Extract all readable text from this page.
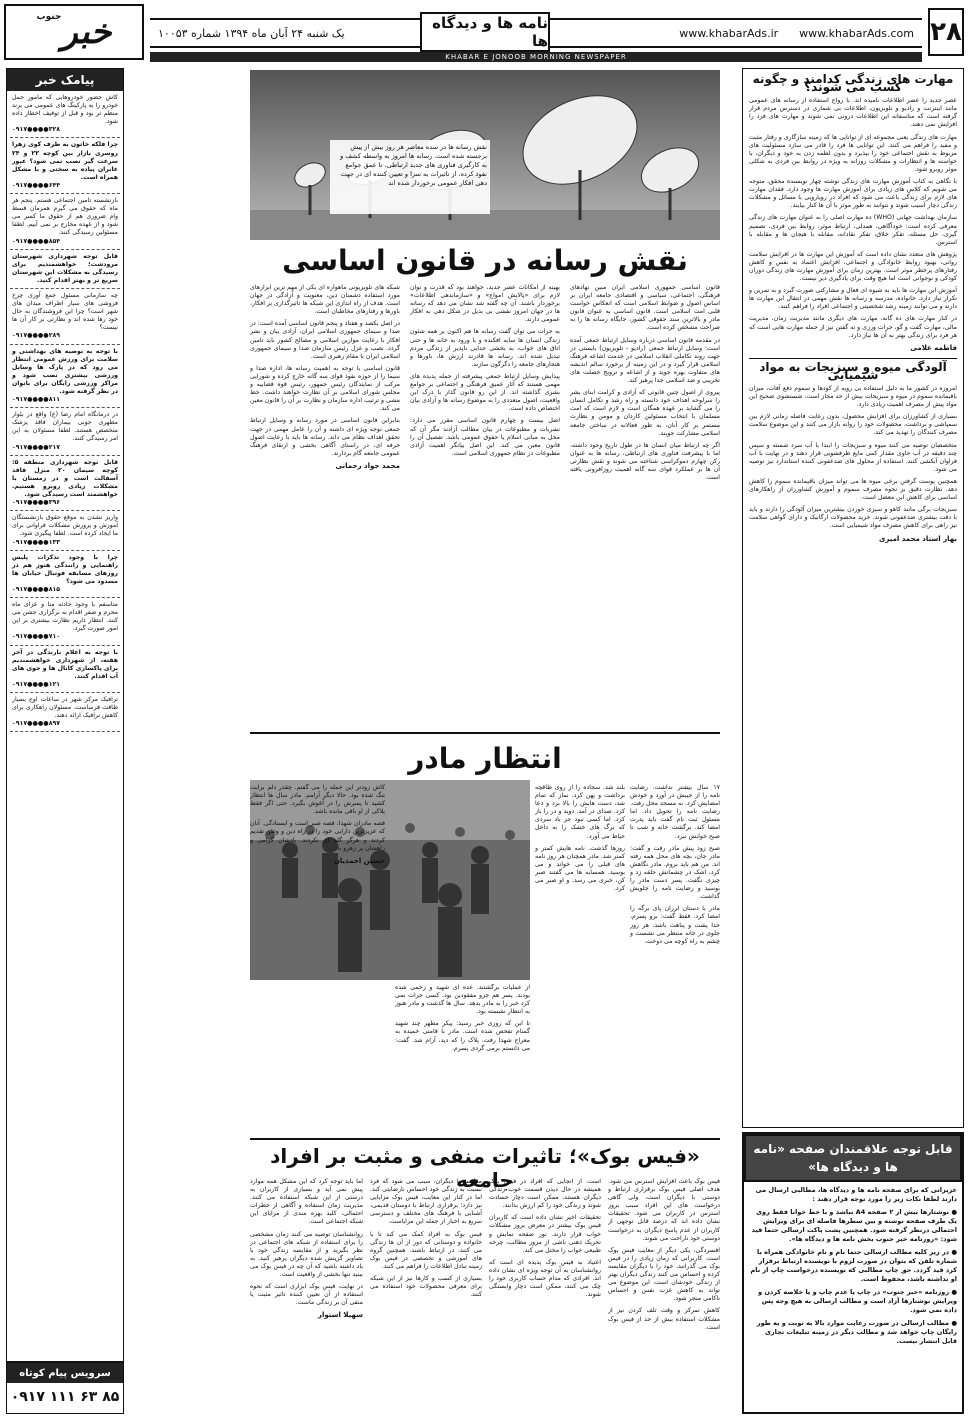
۲۸
یک شنبه ۲۴ آبان ماه ۱۳۹۴ شماره ۱۰۰۵۳	www.khabarAds.ir www.khabarAds.com
نامه ها و دیدگاه ها
خبر
جنوب
KHABAR E JONOOB MORNING NEWSPAPER
مهارت های زندگی کدامند و چگونه کسب می شوند؟

عصر جدید را عصر اطلاعات نامیده اند. با رواج استفاده از رسانه های عمومی مانند اینترنت و رادیو و تلویزیون، اطلاعات بی شماری در دسترس مردم قرار گرفته است که متاسفانه این اطلاعات درونی نمی شوند و مهارت های فرد را افزایش نمی دهند.

مهارت های زندگی یعنی مجموعه ای از توانایی ها که زمینه سازگاری و رفتار مثبت و مفید را فراهم می کنند. این توانایی ها فرد را قادر می سازد مسئولیت های مربوط به نقش اجتماعی خود را بپذیرد و بدون لطمه زدن به خود و دیگران، با خواسته ها و انتظارات و مشکلات روزانه به ویژه در روابط بین فردی به شکلی موثر روبرو شود.

با نگاهی به کتاب آموزش مهارت های زندگی نوشته چهار نویسنده محقق، متوجه می شویم که کلاس های زیادی برای آموزش مهارت ها وجود دارد. فقدان مهارت های لازم برای زندگی باعث می شود که افراد در رویارویی با مسائل و مشکلات زندگی دچار آسیب شوند و نتوانند به طور موثر با آن ها کنار بیایند.

سازمان بهداشت جهانی (WHO) ده مهارت اصلی را به عنوان مهارت های زندگی معرفی کرده است: خودآگاهی، همدلی، ارتباط موثر، روابط بین فردی، تصمیم گیری، حل مسئله، تفکر خلاق، تفکر نقادانه، مقابله با هیجان ها و مقابله با استرس.

پژوهش های متعدد نشان داده است که آموزش این مهارت ها در افزایش سلامت روانی، بهبود روابط خانوادگی و اجتماعی، افزایش اعتماد به نفس و کاهش رفتارهای پرخطر موثر است. بهترین زمان برای آموزش مهارت های زندگی دوران کودکی و نوجوانی است اما هیچ وقت برای یادگیری دیر نیست.

آموزش این مهارت ها باید به شیوه ای فعال و مشارکتی صورت گیرد و به تمرین و تکرار نیاز دارد. خانواده، مدرسه و رسانه ها نقش مهمی در انتقال این مهارت ها دارند و می توانند زمینه رشد شخصیتی و اجتماعی افراد را فراهم کنند.

در کنار مهارت های ده گانه، مهارت های دیگری مانند مدیریت زمان، مدیریت مالی، مهارت گفت و گو، جرات ورزی و نه گفتن نیز از جمله مهارت هایی است که هر فرد برای زندگی بهتر به آن ها نیاز دارد.

فاطمه غلامی
آلودگی میوه و سبزیجات به مواد شیمیایی

امروزه در کشور ما به دلیل استفاده بی رویه از کودها و سموم دفع آفات، میزان باقیمانده سموم در میوه و سبزیجات بیش از حد مجاز است. شستشوی صحیح این مواد پیش از مصرف اهمیت زیادی دارد.

بسیاری از کشاورزان برای افزایش محصول، بدون رعایت فاصله زمانی لازم بین سمپاشی و برداشت، محصولات خود را روانه بازار می کنند و این موضوع سلامت مصرف کنندگان را تهدید می کند.

متخصصان توصیه می کنند میوه و سبزیجات را ابتدا با آب سرد شسته و سپس چند دقیقه در آب حاوی مقدار کمی مایع ظرفشویی قرار دهند و در نهایت با آب فراوان آبکشی کنند. استفاده از محلول های ضدعفونی کننده استاندارد نیز توصیه می شود.

همچنین پوست گرفتن برخی میوه ها می تواند میزان باقیمانده سموم را کاهش دهد. نظارت دقیق بر نحوه مصرف سموم و آموزش کشاورزان از راهکارهای اساسی برای کاهش این معضل است.

سبزیجات برگی مانند کاهو و سبزی خوردن بیشترین میزان آلودگی را دارند و باید با دقت بیشتری ضدعفونی شوند. خرید محصولات ارگانیک و دارای گواهی سلامت نیز راهی برای کاهش مصرف مواد شیمیایی است.

بهار استاد محمد امیری
قابل توجه علاقمندان صفحه «نامه ها و دیدگاه ها»

عزیزانی که برای صفحه نامه ها و دیدگاه ها، مطالبی ارسال می دارند لطفا نکات زیر را مورد توجه قرار دهند :

● نوشتارها بیش از ۲ صفحه A4 نباشد و با خط خوانا فقط روی یک طرف صفحه نوشته و بین سطرها فاصله ای برای ویرایش احتمالی درنظر گرفته شود. همچنین پشت پاکت ارسالی حتما قید شود: «روزنامه خبر جنوب بخش نامه ها و دیدگاه ها».

● در زیر کلیه مطالب ارسالی حتما نام و نام خانوادگی همراه با شماره تلفن که بتوان در صورت لزوم با نویسنده ارتباط برقرار کرد قید گردد. حق چاپ مطالبی که نویسنده درخواست چاپ از نام او نداشته باشد، محفوظ است.

● روزنامه «خبر جنوب» در چاپ یا عدم چاپ و یا خلاصه کردن و ویرایش نوشتارها آزاد است و مطالب ارسالی به هیچ وجه پس داده نمی شود.

● مطالب ارسالی در صورت رعایت موارد بالا به نوبت و به طور رایگان چاپ خواهد شد و مطالب دیگر در زمینه تبلیغات تجاری قابل انتشار نیست.

نقش رسانه ها در سده معاصر هر روز بیش از پیش برجسته شده است. رسانه ها امروز به واسطه کشف و به کارگیری فناوری های جدید ارتباطی، تا عمق جوامع نفوذ کرده، از تاثیرات به سزا و تعیین کننده ای در جهت دهی افکار عمومی برخوردار شده اند
نقش رسانه در قانون اساسی

قانون اساسی جمهوری اسلامی ایران مبین نهادهای فرهنگی، اجتماعی، سیاسی و اقتصادی جامعه ایران بر اساس اصول و ضوابط اسلامی است که انعکاس خواست قلبی امت اسلامی است. قانون اساسی به عنوان قانون مادر و بالاترین سند حقوقی کشور، جایگاه رسانه ها را به صراحت مشخص کرده است.

در مقدمه قانون اساسی درباره وسایل ارتباط جمعی آمده است: وسایل ارتباط جمعی (رادیو - تلویزیون) بایستی در جهت روند تکاملی انقلاب اسلامی در خدمت اشاعه فرهنگ اسلامی قرار گیرد و در این زمینه از برخورد سالم اندیشه های متفاوت بهره جوید و از اشاعه و ترویج خصلت های تخریبی و ضد اسلامی جدا پرهیز کند.

پیروی از اصول چنین قانونی که آزادی و کرامت ابنای بشر را سرلوحه اهداف خود دانسته و راه رشد و تکامل انسان را می گشاید بر عهده همگان است و لازم است که امت مسلمان با انتخاب مسئولین کاردان و مومن و نظارت مستمر بر کار آنان، به طور فعالانه در ساختن جامعه اسلامی مشارکت جویند.

اگر چه ارتباط میان انسان ها در طول تاریخ وجود داشته، اما با پیشرفت فناوری های ارتباطی، رسانه ها به عنوان رکن چهارم دموکراسی شناخته می شوند و نقش نظارتی آن ها بر عملکرد قوای سه گانه اهمیت روزافزونی یافته است.

بهینه از امکانات عصر جدید، خواهند بود که قدرت و توان لازم برای «پالایش امواج» و «سازماندهی اطلاعات» برخوردار باشند. آن چه گفته شد نشان می دهد که رسانه ها در جهان امروز نقشی بی بدیل در شکل دهی به افکار عمومی دارند.

به جرات می توان گفت رسانه ها هم اکنون بر همه شئون زندگی انسان ها سایه افکنده و با ورود به خانه ها و حتی اتاق های خواب، به بخشی جدایی ناپذیر از زندگی مردم تبدیل شده اند. رسانه ها قادرند ارزش ها، باورها و هنجارهای جامعه را دگرگون سازند.

پیدایش وسایل ارتباط جمعی پیشرفته از جمله پدیده های مهمی هستند که آثار عمیق فرهنگی و اجتماعی بر جوامع بشری گذاشته اند. از این رو قانون گذار با درک این واقعیت، اصول متعددی را به موضوع رسانه ها و آزادی بیان اختصاص داده است.

اصل بیست و چهارم قانون اساسی مقرر می دارد: نشریات و مطبوعات در بیان مطالب آزادند مگر آن که مخل به مبانی اسلام یا حقوق عمومی باشد. تفصیل آن را قانون معین می کند. این اصل بیانگر اهمیت آزادی مطبوعات در نظام جمهوری اسلامی است.

شبکه های تلویزیونی ماهواره ای یکی از مهم ترین ابزارهای مورد استفاده دشمنان دین، معنویت و آزادگی در جهان است. هدف از راه اندازی این شبکه ها تاثیرگذاری بر افکار، باورها و رفتارهای مخاطبان است.

در اصل یکصد و هفتاد و پنجم قانون اساسی آمده است: در صدا و سیمای جمهوری اسلامی ایران، آزادی بیان و نشر افکار با رعایت موازین اسلامی و مصالح کشور باید تامین گردد. نصب و عزل رئیس سازمان صدا و سیمای جمهوری اسلامی ایران با مقام رهبری است.

قانون اساسی با توجه به اهمیت رسانه ها، اداره صدا و سیما را از حوزه نفوذ قوای سه گانه خارج کرده و شورایی مرکب از نمایندگان رئیس جمهور، رئیس قوه قضاییه و مجلس شورای اسلامی بر آن نظارت خواهند داشت. خط مشی و ترتیب اداره سازمان و نظارت بر آن را قانون معین می کند.

بنابراین قانون اساسی در مورد رسانه و وسایل ارتباط جمعی توجه ویژه ای داشته و آن را عامل مهمی در جهت تحقق اهداف نظام می داند. رسانه ها باید با رعایت اصول حرفه ای، در راستای آگاهی بخشی و ارتقای فرهنگ عمومی جامعه گام بردارند.

محمد جواد رحمانی
انتظار مادر

۱۷ سال بیشتر نداشت. رضایت نامه را از جیبش در آورد و خودش امضایش کرد. به مسجد محل رفت. رضایت نامه را تحویل داد. اما مسئول ثبت نام گفت باید پدرت امضا کند. برگشت خانه و شب تا صبح خوابش نبرد.

صبح زود پیش مادر رفت و گفت: مادر جان، بچه های محل همه رفته اند. من هم باید بروم. مادر نگاهش کرد، اشک در چشمانش حلقه زد و چیزی نگفت. پسر دست مادر را بوسید و رضایت نامه را جلویش گذاشت.

مادر با دستان لرزان پای برگه را امضا کرد. فقط گفت: برو پسرم، خدا پشت و پناهت باشد. هر روز جلوی در خانه منتظر می نشست و چشم به راه کوچه می دوخت.

بلند شد. سجاده را از روی طاقچه برداشت و پهن کرد. نماز که تمام شد، دست هایش را بالا برد و دعا کرد. صدای در آمد. دوید و در را باز کرد. اما کسی نبود جز باد سردی که برگ های خشک را به داخل حیاط می آورد.

روزها گذشت. نامه هایش کمتر و کمتر شد. مادر همچنان هر روز نامه های قبلی را می خواند و می بوسید. همسایه ها می گفتند صبر کن، خبری می رسد. و او صبر می کرد.

از عملیات برگشتند. عده ای شهید و زخمی شده بودند. پسر هم جزو مفقودین بود. کسی جرات نمی کرد خبر را به مادر بدهد. سال ها گذشت و مادر هنوز به انتظار نشسته بود.

تا این که روزی خبر رسید: پیکر مطهر چند شهید گمنام تفحص شده است. مادر با قامتی خمیده به معراج شهدا رفت. پلاک را که دید، آرام شد. گفت: می دانستم برمی گردی پسرم.

کاش زودتر این جمله را می گفتم. چقدر دلم برایت تنگ شده بود. حالا دیگر آرامم. مادر سال ها انتظار کشید تا پسرش را در آغوش بگیرد. حتی اگر فقط پلاکی از او باقی مانده باشد.

قصه مادران شهدا، قصه صبر است و ایستادگی. آنان که عزیزترین دارایی خود را در راه دین و وطن تقدیم کردند و هرگز گله ای نکردند. یادشان گرامی و راهشان پر رهرو باد.

حسین احمدیان
«فیس بوک»؛ تاثیرات منفی و مثبت بر افراد جامعه	فیس بوک باعث افزایش استرس می شود. هدف اصلی فیس بوک برقراری ارتباط و دوستی با دیگران است، ولی گاهی درخواست های این افراد سبب بروز استرس در کاربران می شود. تحقیقات نشان داده اند که درصد قابل توجهی از کاربران از عدم پاسخ دیگران به درخواست دوستی خود ناراحت می شوند.

افسردگی، یکی دیگر از معایب فیس بوک است. کاربرانی که زمان زیادی را در فیس بوک می گذرانند، خود را با دیگران مقایسه کرده و احساس می کنند زندگی دیگران بهتر از زندگی خودشان است. این موضوع می تواند به کاهش عزت نفس و احساس ناکامی منجر شود.

کاهش تمرکز و وقت تلف کردن نیز از مشکلات استفاده بیش از حد از فیس بوک است.

است. از آنجایی که افراد در فیس بوک همیشه در حال دیدن قسمت خوب زندگی دیگران هستند، ممکن است دچار حسادت شوند و زندگی خود را کم ارزش بدانند.

تحقیقات اخیر نشان داده است که کاربران فیس بوک بیشتر در معرض بروز مشکلات خواب قرار دارند. نور صفحه نمایش و تحریک ذهنی ناشی از مرور مطالب، چرخه طبیعی خواب را مختل می کند.

اعتیاد به فیس بوک پدیده ای است که روانشناسان به آن توجه ویژه ای نشان داده اند. افرادی که مدام حساب کاربری خود را چک می کنند، ممکن است دچار وابستگی شوند.

مقایسه با دیگران، سبب می شود که فرد نسبت به زندگی خود احساس نارضایتی کند. اما در کنار این معایب، فیس بوک مزایایی نیز دارد؛ برقراری ارتباط با دوستان قدیمی، آشنایی با فرهنگ های مختلف و دسترسی سریع به اخبار از جمله این مزایاست.

فیس بوک به افراد کمک می کند تا با خانواده و دوستانی که دور از آن ها زندگی می کنند، در ارتباط باشند. همچنین گروه های آموزشی و تخصصی در فیس بوک زمینه تبادل اطلاعات را فراهم می کنند.

بسیاری از کسب و کارها نیز از این شبکه برای معرفی محصولات خود استفاده می کنند.

اما باید توجه کرد که این مشکل همه موارد پیش نمی آید و بسیاری از کاربران به درستی از این شبکه استفاده می کنند. مدیریت زمان استفاده و آگاهی از خطرات احتمالی، کلید بهره مندی از مزایای این شبکه اجتماعی است.

روانشناسان توصیه می کنند زمان مشخصی را برای استفاده از شبکه های اجتماعی در نظر بگیرید و از مقایسه زندگی خود با تصاویر گزینش شده دیگران پرهیز کنید. به یاد داشته باشید که آن چه در فیس بوک می بینید تنها بخشی از واقعیت است.

در نهایت، فیس بوک ابزاری است که نحوه استفاده از آن تعیین کننده تاثیر مثبت یا منفی آن بر زندگی ماست.

سهیلا استوار
پیامک خبر

کاش حضور خودروهایی که مامور حمل خودرو را به پارکینگ های عمومی می برند منظم تر بود و قبل از توقیف اخطار داده شود.
۰۹۱۷●●●●۳۲۸

چرا فلکه خاتون به طرف کوی زهرا روسری بازار بین کوچه ۲۲ و ۲۴ سرعت گیر نصب نمی شود؟ عبور عابران پیاده به سختی و با مشکل همراه است.
۰۹۱۷●●●●۶۴۴

بازنشسته تامین اجتماعی هستم. پنجم هر ماه که حقوق می گیرم همزمان قسط وام ضروری هم از حقوق ما کسر می شود و از عهده مخارج بر نمی آییم. لطفا مسئولین رسیدگی کنند.
۰۹۱۷●●●●۸۵۴

قابل توجه شهرداری شهرستان مرودشت؛ خواهشمندیم برای رسیدگی به مشکلات این شهرستان سریع تر و بهتر اقدام کنید.

چه سازمانی مسئول جمع آوری چرخ فروشی های سیار اطراف میدان های شهر است؟ چرا این فروشندگان به حال خود رها شده اند و نظارتی بر کار آن ها نیست؟
۰۹۱۷●●●●۲۸۹

با توجه به توصیه های بهداشتی و سلامت برای ورزش عمومی انتظار می رود که در پارک ها وسایل ورزشی بیشتری نصب شود و مراکز ورزشی رایگان برای بانوان در نظر گرفته شود.
۰۹۱۷●●●●۸۱۱

در درمانگاه امام رضا (ع) واقع در بلوار مطهری جوبی بیماران فاقد پزشک متخصص هستند. لطفا مسئولان به این امر رسیدگی کنند.
۰۹۱۷●●●●۲۱۷

قابل توجه شهرداری منطقه ۵: کوچه سیمان ۲۰ منزل فاقد آسفالت است و در زمستان با مشکلات زیادی روبرو هستیم. خواهشمند است رسیدگی شود.
۰۹۱۷●●●●۳۹۶

واریز نشدن به موقع حقوق بازنشستگان آموزش و پرورش مشکلات فراوانی برای ما ایجاد کرده است. لطفا پیگیری شود.
۰۹۱۷●●●●۱۳۳

چرا با وجود تذکرات پلیس راهنمایی و رانندگی هنوز هم در روزهای مسابقه فوتبال خیابان ها مسدود می شود؟
۰۹۱۷●●●●۸۱۵

متاسفم با وجود حادثه منا و عزای ماه محرم و صفر اقدام به برگزاری جشن می کنند. انتظار داریم نظارت بیشتری بر این امور صورت گیرد.
۰۹۱۷●●●●۷۱۰

با توجه به اعلام بارندگی در آخر هفته، از شهرداری خواهشمندیم برای پاکسازی کانال ها و جوی های آب اقدام کنند.
۰۹۱۷●●●●۱۲۱

ترافیک مرکز شهر در ساعات اوج بسیار طاقت فرساست. مسئولان راهکاری برای کاهش ترافیک ارائه دهند.
۰۹۱۷●●●●۸۹۷

سرویس پیام کوتاه
۰۹۱۷ ۱۱۱ ۶۳ ۸۵
